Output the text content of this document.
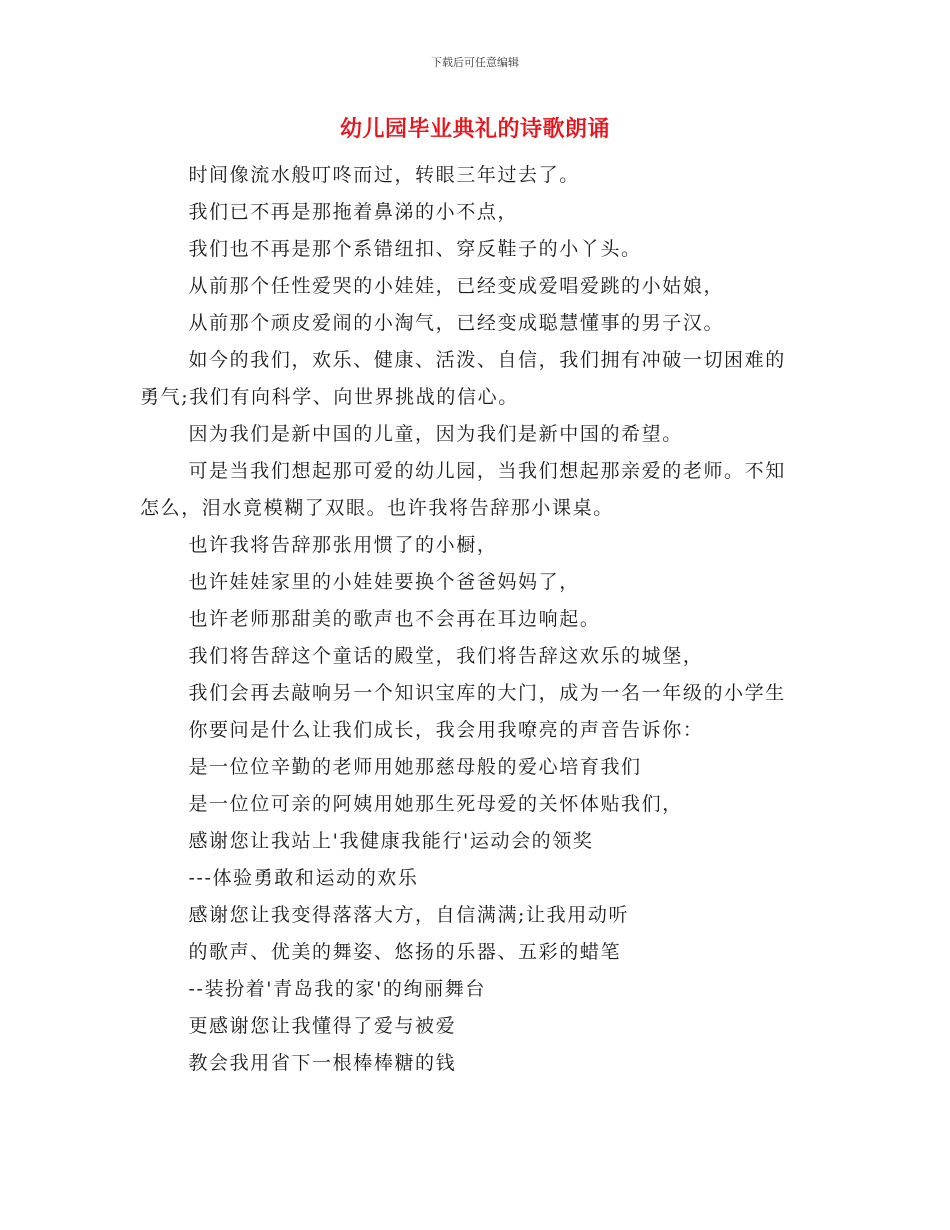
下载后可任意编辑
幼儿园毕业典礼的诗歌朗诵

时间像流水般叮咚而过，转眼三年过去了。

我们已不再是那拖着鼻涕的小不点，

我们也不再是那个系错纽扣、穿反鞋子的小丫头。

从前那个任性爱哭的小娃娃，已经变成爱唱爱跳的小姑娘，

从前那个顽皮爱闹的小淘气，已经变成聪慧懂事的男子汉。

如今的我们，欢乐、健康、活泼、自信，我们拥有冲破一切困难的勇气;我们有向科学、向世界挑战的信心。

因为我们是新中国的儿童，因为我们是新中国的希望。

可是当我们想起那可爱的幼儿园，当我们想起那亲爱的老师。不知怎么，泪水竟模糊了双眼。也许我将告辞那小课桌。

也许我将告辞那张用惯了的小橱，

也许娃娃家里的小娃娃要换个爸爸妈妈了，

也许老师那甜美的歌声也不会再在耳边响起。

我们将告辞这个童话的殿堂，我们将告辞这欢乐的城堡，

我们会再去敲响另一个知识宝库的大门，成为一名一年级的小学生

你要问是什么让我们成长，我会用我嘹亮的声音告诉你：

是一位位辛勤的老师用她那慈母般的爱心培育我们

是一位位可亲的阿姨用她那生死母爱的关怀体贴我们，

感谢您让我站上'我健康我能行'运动会的领奖

---体验勇敢和运动的欢乐

感谢您让我变得落落大方，自信满满;让我用动听

的歌声、优美的舞姿、悠扬的乐器、五彩的蜡笔

--装扮着'青岛我的家'的绚丽舞台

更感谢您让我懂得了爱与被爱

教会我用省下一根棒棒糖的钱
